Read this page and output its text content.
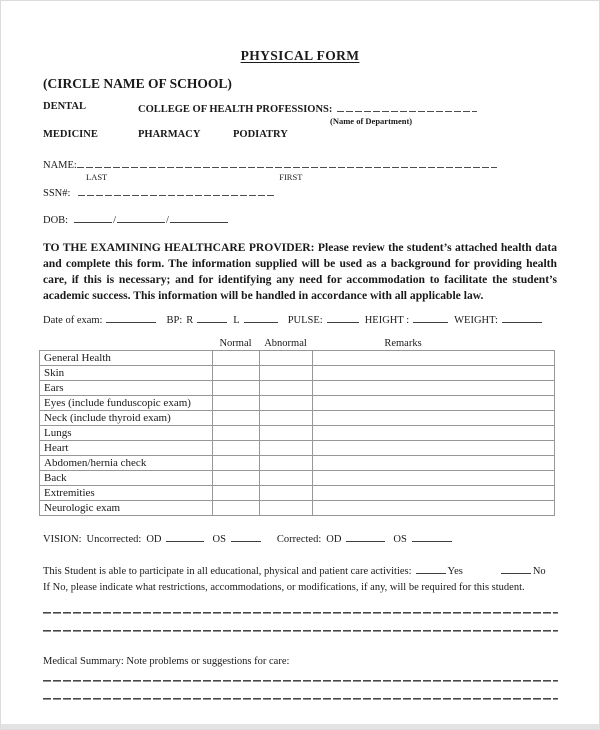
PHYSICAL FORM
(CIRCLE NAME OF SCHOOL)
DENTAL	COLLEGE OF HEALTH PROFESSIONS:
(Name of Department)
MEDICINE	PHARMACY	PODIATRY
NAME:
LAST	FIRST
SSN#:
DOB:	/	/
TO THE EXAMINING HEALTHCARE PROVIDER: Please review the student’s attached health data and complete this form. The information supplied will be used as a background for providing health care, if this is necessary; and for identifying any need for accommodation to facilitate the student’s academic success. This information will be handled in accordance with all applicable law.
Date of exam:	BP: R	L	PULSE:	HEIGHT :	WEIGHT:
Normal	Abnormal	Remarks
General Health			
Skin			
Ears			
Eyes (include funduscopic exam)			
Neck (include thyroid exam)			
Lungs			
Heart			
Abdomen/hernia check			
Back			
Extremities			
Neurologic exam			
VISION: Uncorrected: OD	OS	Corrected: OD	OS
This Student is able to participate in all educational, physical and patient care activities:	Yes	No
If No, please indicate what restrictions, accommodations, or modifications, if any, will be required for this student.
Medical Summary: Note problems or suggestions for care:
